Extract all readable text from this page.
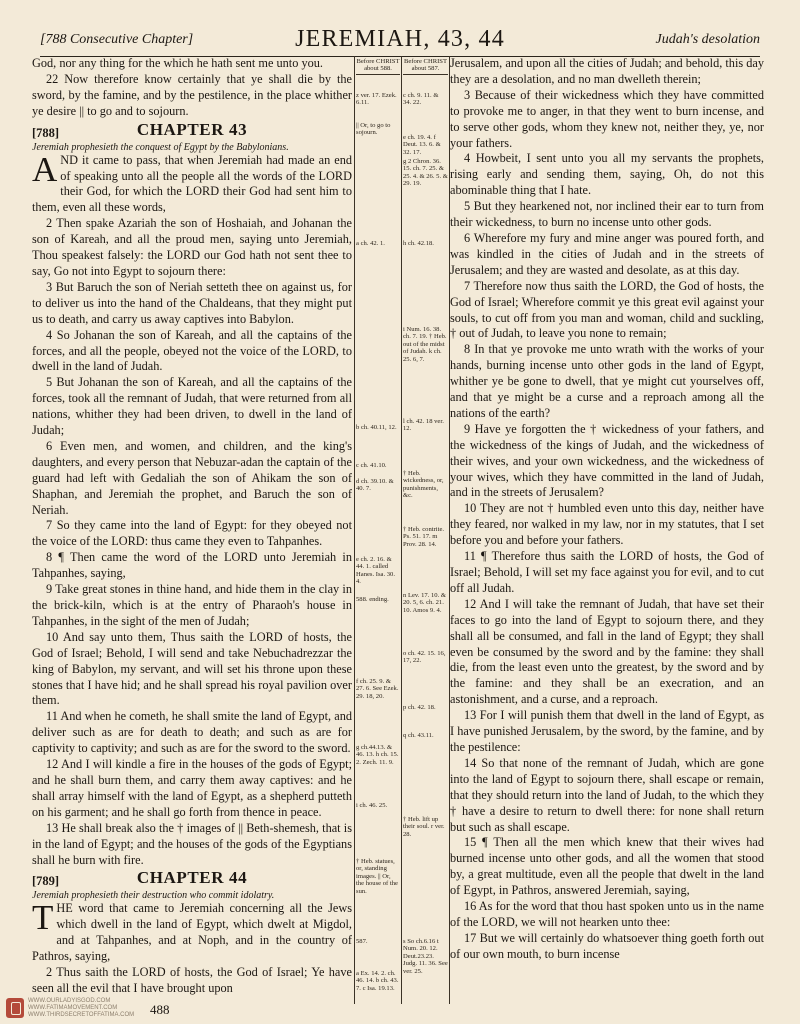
[788 Consecutive Chapter]	JEREMIAH, 43, 44	Judah's desolation

God, nor any thing for the which he hath sent me unto you.

22 Now therefore know certainly that ye shall die by the sword, by the famine, and by the pestilence, in the place whither ye desire || to go and to sojourn.

[788]	CHAPTER 43

Jeremiah prophesieth the conquest of Egypt by the Babylonians.

AND it came to pass, that when Jeremiah had made an end of speaking unto all the people all the words of the LORD their God, for which the LORD their God had sent him to them, even all these words,

2 Then spake Azariah the son of Hoshaiah, and Johanan the son of Kareah, and all the proud men, saying unto Jeremiah, Thou speakest falsely: the LORD our God hath not sent thee to say, Go not into Egypt to sojourn there:

3 But Baruch the son of Neriah setteth thee on against us, for to deliver us into the hand of the Chaldeans, that they might put us to death, and carry us away captives into Babylon.

4 So Johanan the son of Kareah, and all the captains of the forces, and all the people, obeyed not the voice of the LORD, to dwell in the land of Judah.

5 But Johanan the son of Kareah, and all the captains of the forces, took all the remnant of Judah, that were returned from all nations, whither they had been driven, to dwell in the land of Judah;

6 Even men, and women, and children, and the king's daughters, and every person that Nebuzar-adan the captain of the guard had left with Gedaliah the son of Ahikam the son of Shaphan, and Jeremiah the prophet, and Baruch the son of Neriah.

7 So they came into the land of Egypt: for they obeyed not the voice of the LORD: thus came they even to Tahpanhes.

8 ¶ Then came the word of the LORD unto Jeremiah in Tahpanhes, saying,

9 Take great stones in thine hand, and hide them in the clay in the brick-kiln, which is at the entry of Pharaoh's house in Tahpanhes, in the sight of the men of Judah;

10 And say unto them, Thus saith the LORD of hosts, the God of Israel; Behold, I will send and take Nebuchadrezzar the king of Babylon, my servant, and will set his throne upon these stones that I have hid; and he shall spread his royal pavilion over them.

11 And when he cometh, he shall smite the land of Egypt, and deliver such as are for death to death; and such as are for captivity to captivity; and such as are for the sword to the sword.

12 And I will kindle a fire in the houses of the gods of Egypt; and he shall burn them, and carry them away captives: and he shall array himself with the land of Egypt, as a shepherd putteth on his garment; and he shall go forth from thence in peace.

13 He shall break also the † images of || Beth-shemesh, that is in the land of Egypt; and the houses of the gods of the Egyptians shall he burn with fire.

[789]	CHAPTER 44

Jeremiah prophesieth their destruction who commit idolatry.

THE word that came to Jeremiah concerning all the Jews which dwell in the land of Egypt, which dwelt at Migdol, and at Tahpanhes, and at Noph, and in the country of Pathros, saying,

2 Thus saith the LORD of hosts, the God of Israel; Ye have seen all the evil that I have brought upon

Before CHRIST about 588.
z ver. 17. Ezek. 6.11.
|| Or, to go to sojourn.
a ch. 42. 1.
b ch. 40.11, 12.
c ch. 41.10.
d ch. 39.10. & 40. 7.
e ch. 2. 16. & 44. 1. called Hanes. Isa. 30. 4.
588. ending.
f ch. 25. 9. & 27. 6. See Ezek. 29. 18, 20.
g ch.44.13. & 46. 13. h ch. 15. 2. Zech. 11. 9.
i ch. 46. 25.
† Heb. statues, or, standing images. || Or, the house of the sun.
587.
a Ex. 14. 2. ch. 46. 14. b ch. 43. 7. c Isa. 19.13.
Before CHRIST about 587.
c ch. 9. 11. & 34. 22.
e ch. 19. 4. f Deut. 13. 6. & 32. 17.
g 2 Chron. 36. 15. ch. 7. 25. & 25. 4. & 26. 5. & 29. 19.
h ch. 42.18.
i Num. 16. 38. ch. 7. 19. † Heb. out of the midst of Judah. k ch. 25. 6, 7.
l ch. 42. 18 ver. 12.
† Heb. wickedness, or, punishments, &c.
† Heb. contrite. Ps. 51. 17. m Prov. 28. 14.
n Lev. 17. 10. & 20. 5, 6. ch. 21. 10. Amos 9. 4.
o ch. 42. 15. 16, 17, 22.
p ch. 42. 18.
q ch. 43.11.
† Heb. lift up their soul. r ver. 28.
s So ch.6.16 t Num. 20. 12. Deut.23.23. Judg. 11. 36. See ver. 25.

Jerusalem, and upon all the cities of Judah; and behold, this day they are a desolation, and no man dwelleth therein;

3 Because of their wickedness which they have committed to provoke me to anger, in that they went to burn incense, and to serve other gods, whom they knew not, neither they, ye, nor your fathers.

4 Howbeit, I sent unto you all my servants the prophets, rising early and sending them, saying, Oh, do not this abominable thing that I hate.

5 But they hearkened not, nor inclined their ear to turn from their wickedness, to burn no incense unto other gods.

6 Wherefore my fury and mine anger was poured forth, and was kindled in the cities of Judah and in the streets of Jerusalem; and they are wasted and desolate, as at this day.

7 Therefore now thus saith the LORD, the God of hosts, the God of Israel; Wherefore commit ye this great evil against your souls, to cut off from you man and woman, child and suckling, † out of Judah, to leave you none to remain;

8 In that ye provoke me unto wrath with the works of your hands, burning incense unto other gods in the land of Egypt, whither ye be gone to dwell, that ye might cut yourselves off, and that ye might be a curse and a reproach among all the nations of the earth?

9 Have ye forgotten the † wickedness of your fathers, and the wickedness of the kings of Judah, and the wickedness of their wives, and your own wickedness, and the wickedness of your wives, which they have committed in the land of Judah, and in the streets of Jerusalem?

10 They are not † humbled even unto this day, neither have they feared, nor walked in my law, nor in my statutes, that I set before you and before your fathers.

11 ¶ Therefore thus saith the LORD of hosts, the God of Israel; Behold, I will set my face against you for evil, and to cut off all Judah.

12 And I will take the remnant of Judah, that have set their faces to go into the land of Egypt to sojourn there, and they shall all be consumed, and fall in the land of Egypt; they shall even be consumed by the sword and by the famine: they shall die, from the least even unto the greatest, by the sword and by the famine: and they shall be an execration, and an astonishment, and a curse, and a reproach.

13 For I will punish them that dwell in the land of Egypt, as I have punished Jerusalem, by the sword, by the famine, and by the pestilence:

14 So that none of the remnant of Judah, which are gone into the land of Egypt to sojourn there, shall escape or remain, that they should return into the land of Judah, to the which they † have a desire to return to dwell there: for none shall return but such as shall escape.

15 ¶ Then all the men which knew that their wives had burned incense unto other gods, and all the women that stood by, a great multitude, even all the people that dwelt in the land of Egypt, in Pathros, answered Jeremiah, saying,

16 As for the word that thou hast spoken unto us in the name of the LORD, we will not hearken unto thee:

17 But we will certainly do whatsoever thing goeth forth out of our own mouth, to burn incense

WWW.OURLADYISGOD.COM
WWW.FATIMAMOVEMENT.COM
WWW.THIRDSECRETOFFATIMA.COM	488
